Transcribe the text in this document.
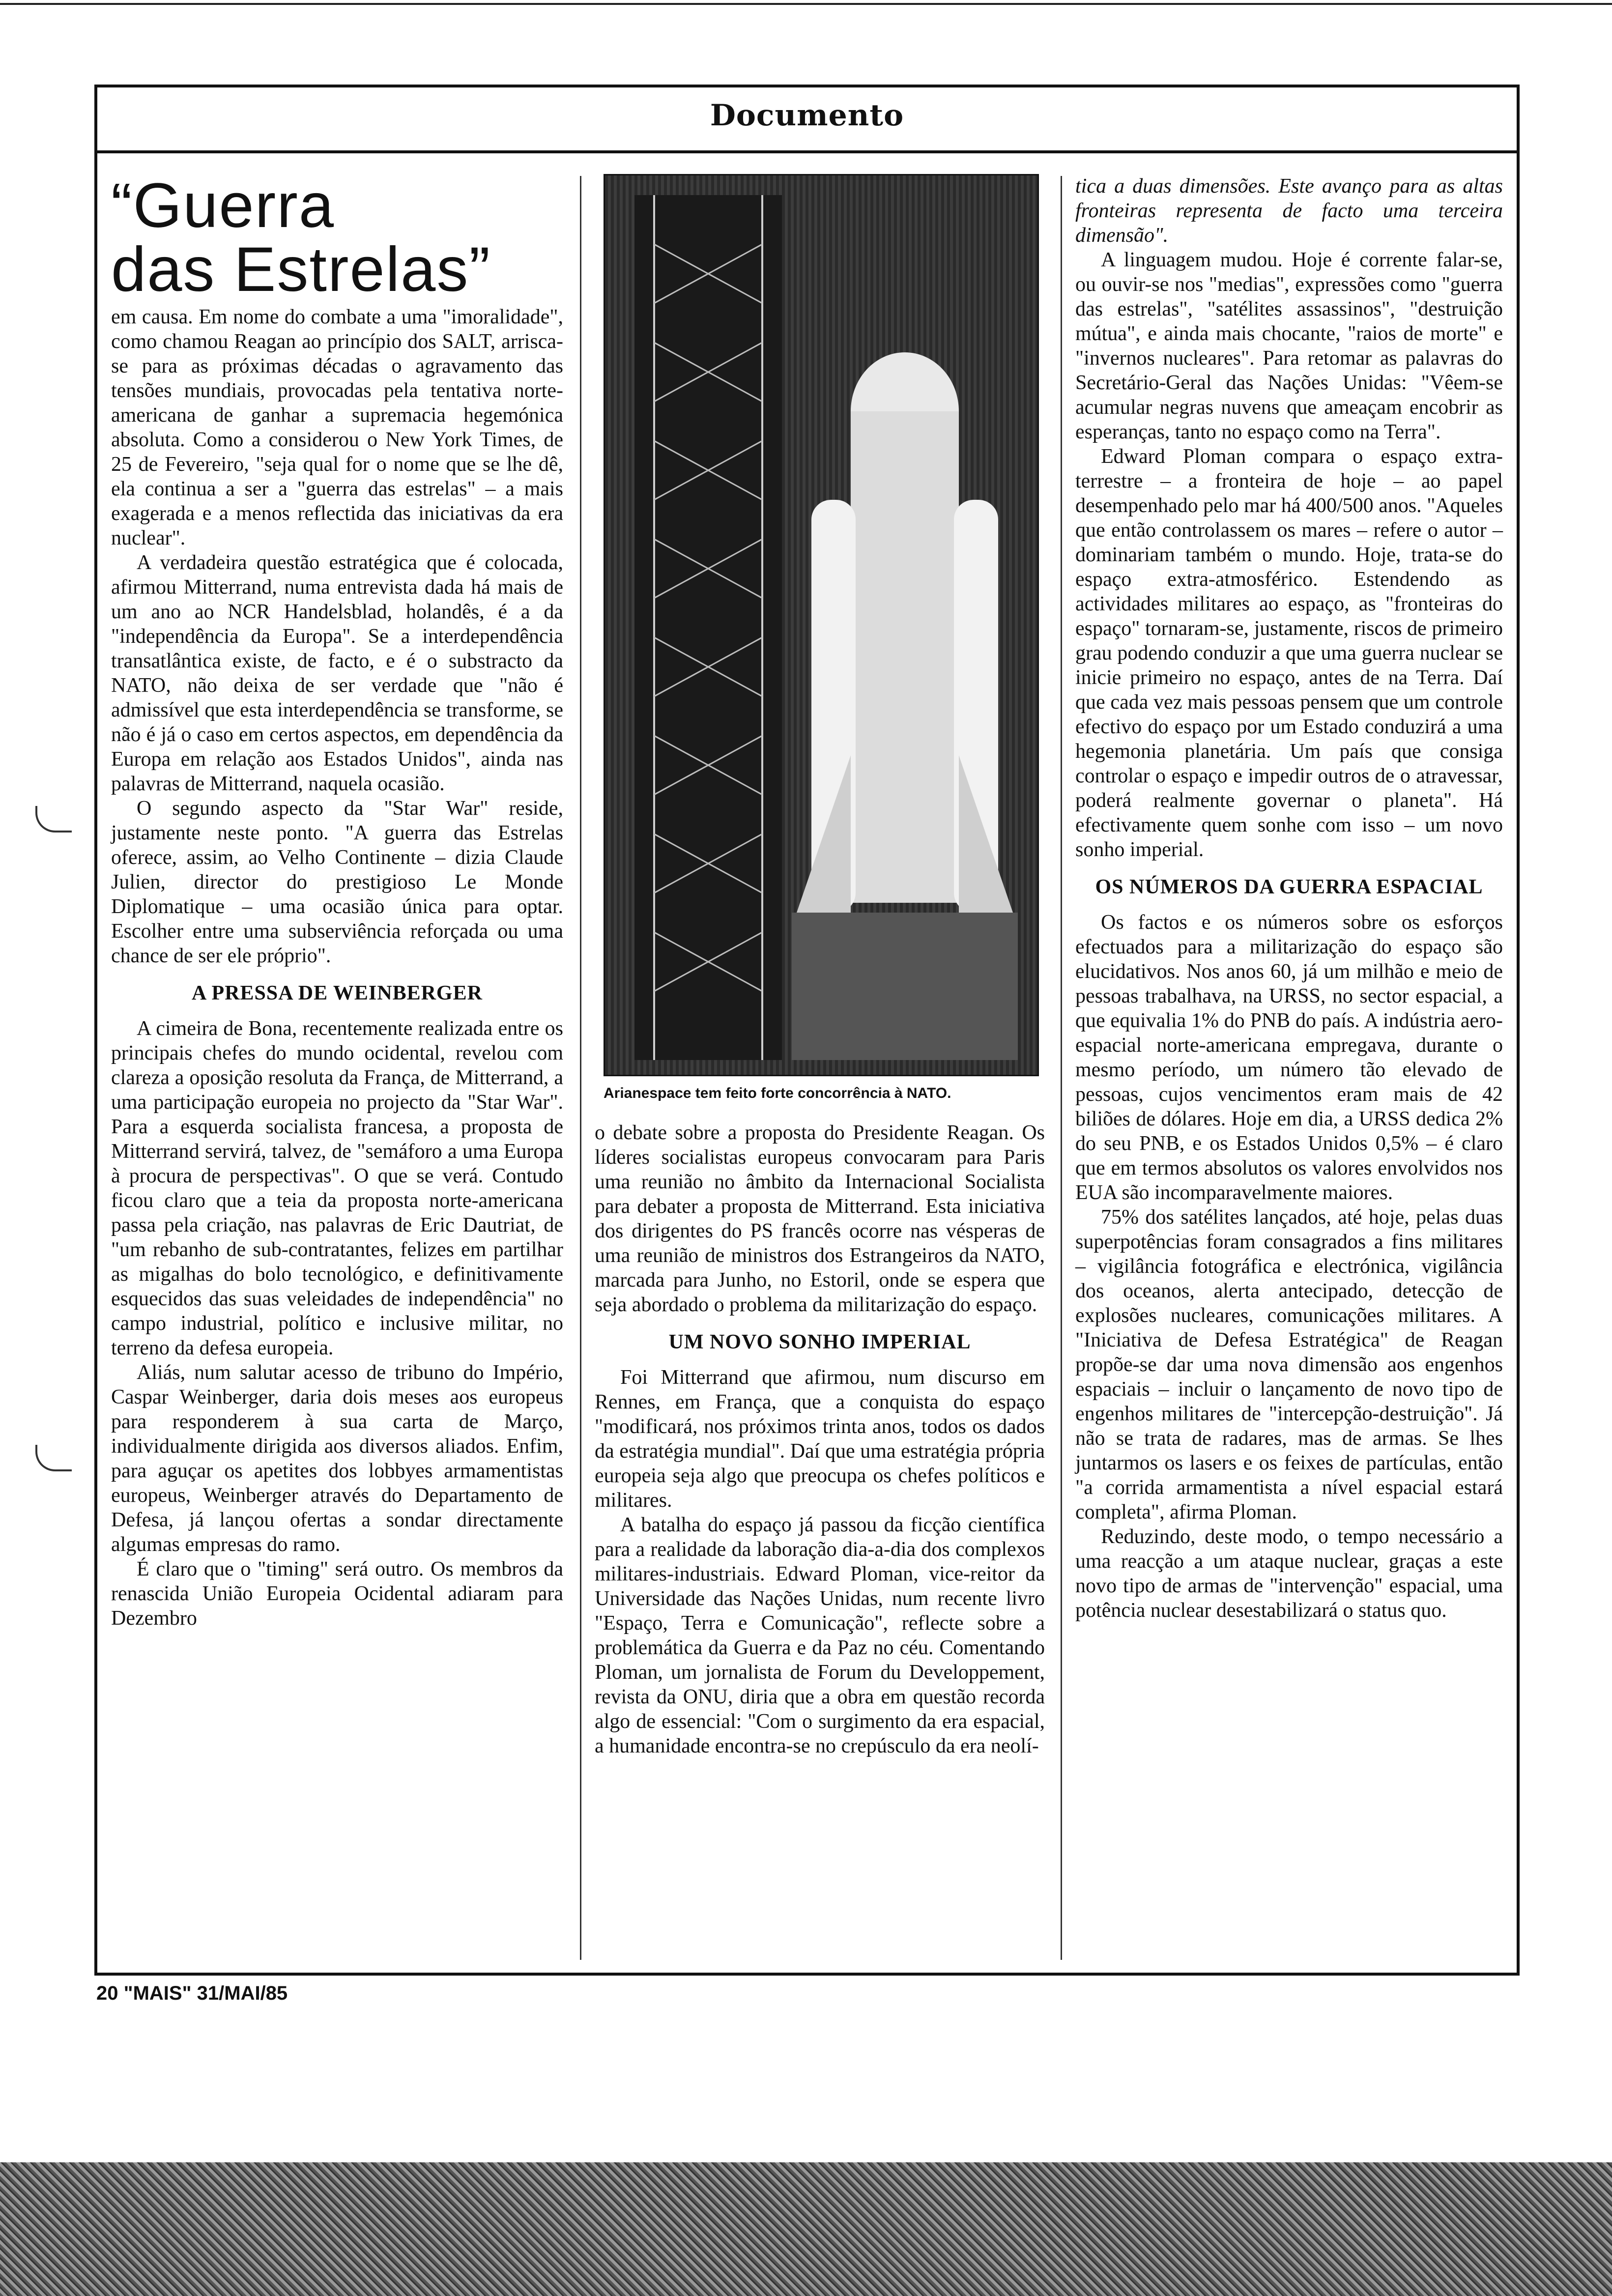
Documento
“Guerra
das Estrelas”

em causa. Em nome do combate a uma "imoralidade", como chamou Reagan ao princípio dos SALT, arrisca-se para as próximas décadas o agravamento das tensões mundiais, provocadas pela tentativa norte-americana de ganhar a supremacia hegemónica absoluta. Como a considerou o New York Times, de 25 de Fevereiro, "seja qual for o nome que se lhe dê, ela continua a ser a "guerra das estrelas" – a mais exagerada e a menos reflectida das iniciativas da era nuclear".

A verdadeira questão estratégica que é colocada, afirmou Mitterrand, numa entrevista dada há mais de um ano ao NCR Handelsblad, holandês, é a da "independência da Europa". Se a interdependência transatlântica existe, de facto, e é o substracto da NATO, não deixa de ser verdade que "não é admissível que esta interdependência se transforme, se não é já o caso em certos aspectos, em dependência da Europa em relação aos Estados Unidos", ainda nas palavras de Mitterrand, naquela ocasião.

O segundo aspecto da "Star War" reside, justamente neste ponto. "A guerra das Estrelas oferece, assim, ao Velho Continente – dizia Claude Julien, director do prestigioso Le Monde Diplomatique – uma ocasião única para optar. Escolher entre uma subserviência reforçada ou uma chance de ser ele próprio".

A PRESSA DE WEINBERGER

A cimeira de Bona, recentemente realizada entre os principais chefes do mundo ocidental, revelou com clareza a oposição resoluta da França, de Mitterrand, a uma participação europeia no projecto da "Star War". Para a esquerda socialista francesa, a proposta de Mitterrand servirá, talvez, de "semáforo a uma Europa à procura de perspectivas". O que se verá. Contudo ficou claro que a teia da proposta norte-americana passa pela criação, nas palavras de Eric Dautriat, de "um rebanho de sub-contratantes, felizes em partilhar as migalhas do bolo tecnológico, e definitivamente esquecidos das suas veleidades de independência" no campo industrial, político e inclusive militar, no terreno da defesa europeia.

Aliás, num salutar acesso de tribuno do Império, Caspar Weinberger, daria dois meses aos europeus para responderem à sua carta de Março, individualmente dirigida aos diversos aliados. Enfim, para aguçar os apetites dos lobbyes armamentistas europeus, Weinberger através do Departamento de Defesa, já lançou ofertas a sondar directamente algumas empresas do ramo.

É claro que o "timing" será outro. Os membros da renascida União Europeia Ocidental adiaram para Dezembro

Arianespace tem feito forte concorrência à NATO.

o debate sobre a proposta do Presidente Reagan. Os líderes socialistas europeus convocaram para Paris uma reunião no âmbito da Internacional Socialista para debater a proposta de Mitterrand. Esta iniciativa dos dirigentes do PS francês ocorre nas vésperas de uma reunião de ministros dos Estrangeiros da NATO, marcada para Junho, no Estoril, onde se espera que seja abordado o problema da militarização do espaço.

UM NOVO SONHO IMPERIAL

Foi Mitterrand que afirmou, num discurso em Rennes, em França, que a conquista do espaço "modificará, nos próximos trinta anos, todos os dados da estratégia mundial". Daí que uma estratégia própria europeia seja algo que preocupa os chefes políticos e militares.

A batalha do espaço já passou da ficção científica para a realidade da laboração dia-a-dia dos complexos militares-industriais. Edward Ploman, vice-reitor da Universidade das Nações Unidas, num recente livro "Espaço, Terra e Comunicação", reflecte sobre a problemática da Guerra e da Paz no céu. Comentando Ploman, um jornalista de Forum du Developpement, revista da ONU, diria que a obra em questão recorda algo de essencial: "Com o surgimento da era espacial, a humanidade encontra-se no crepúsculo da era neolí-

tica a duas dimensões. Este avanço para as altas fronteiras representa de facto uma terceira dimensão".

A linguagem mudou. Hoje é corrente falar-se, ou ouvir-se nos "medias", expressões como "guerra das estrelas", "satélites assassinos", "destruição mútua", e ainda mais chocante, "raios de morte" e "invernos nucleares". Para retomar as palavras do Secretário-Geral das Nações Unidas: "Vêem-se acumular negras nuvens que ameaçam encobrir as esperanças, tanto no espaço como na Terra".

Edward Ploman compara o espaço extra-terrestre – a fronteira de hoje – ao papel desempenhado pelo mar há 400/500 anos. "Aqueles que então controlassem os mares – refere o autor – dominariam também o mundo. Hoje, trata-se do espaço extra-atmosférico. Estendendo as actividades militares ao espaço, as "fronteiras do espaço" tornaram-se, justamente, riscos de primeiro grau podendo conduzir a que uma guerra nuclear se inicie primeiro no espaço, antes de na Terra. Daí que cada vez mais pessoas pensem que um controle efectivo do espaço por um Estado conduzirá a uma hegemonia planetária. Um país que consiga controlar o espaço e impedir outros de o atravessar, poderá realmente governar o planeta". Há efectivamente quem sonhe com isso – um novo sonho imperial.

OS NÚMEROS DA GUERRA ESPACIAL

Os factos e os números sobre os esforços efectuados para a militarização do espaço são elucidativos. Nos anos 60, já um milhão e meio de pessoas trabalhava, na URSS, no sector espacial, a que equivalia 1% do PNB do país. A indústria aero-espacial norte-americana empregava, durante o mesmo período, um número tão elevado de pessoas, cujos vencimentos eram mais de 42 biliões de dólares. Hoje em dia, a URSS dedica 2% do seu PNB, e os Estados Unidos 0,5% – é claro que em termos absolutos os valores envolvidos nos EUA são incomparavelmente maiores.

75% dos satélites lançados, até hoje, pelas duas superpotências foram consagrados a fins militares – vigilância fotográfica e electrónica, vigilância dos oceanos, alerta antecipado, detecção de explosões nucleares, comunicações militares. A "Iniciativa de Defesa Estratégica" de Reagan propõe-se dar uma nova dimensão aos engenhos espaciais – incluir o lançamento de novo tipo de engenhos militares de "intercepção-destruição". Já não se trata de radares, mas de armas. Se lhes juntarmos os lasers e os feixes de partículas, então "a corrida armamentista a nível espacial estará completa", afirma Ploman.

Reduzindo, deste modo, o tempo necessário a uma reacção a um ataque nuclear, graças a este novo tipo de armas de "intervenção" espacial, uma potência nuclear desestabilizará o status quo.

20 "MAIS" 31/MAI/85
